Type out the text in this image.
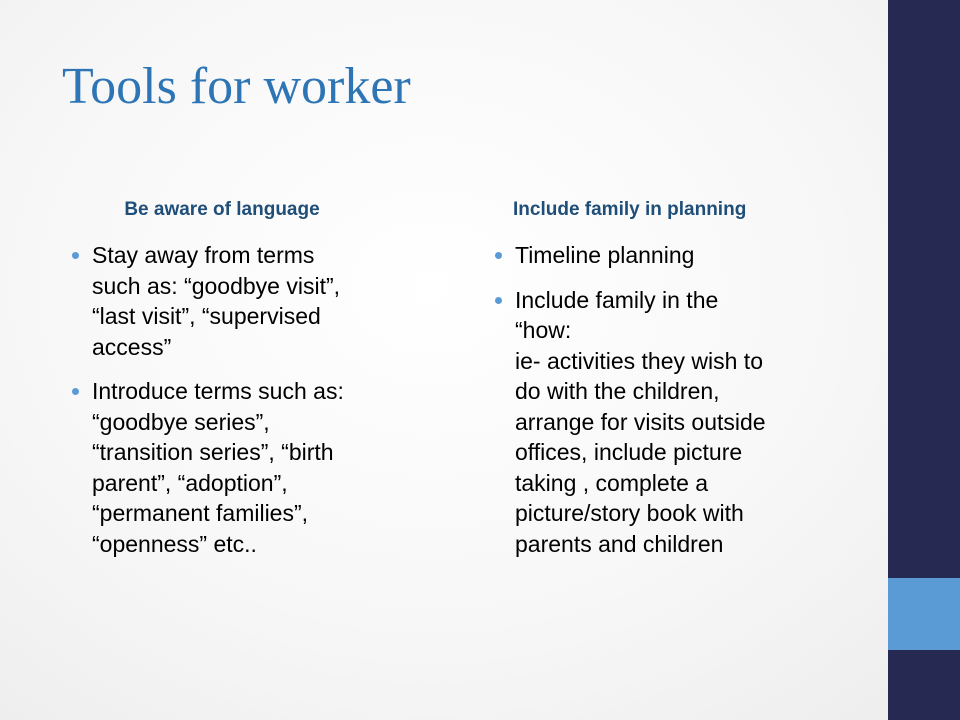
Tools for worker
Be aware of language
Stay away from terms
such as: “goodbye visit”,
“last visit”, “supervised
access”
Introduce terms such as:
“goodbye series”,
“transition series”, “birth
parent”, “adoption”,
“permanent families”,
“openness” etc..
Include family in planning
Timeline planning
Include family in the
“how:
ie- activities they wish to
do with the children,
arrange for visits outside
offices, include picture
taking , complete a
picture/story book with
parents and children
